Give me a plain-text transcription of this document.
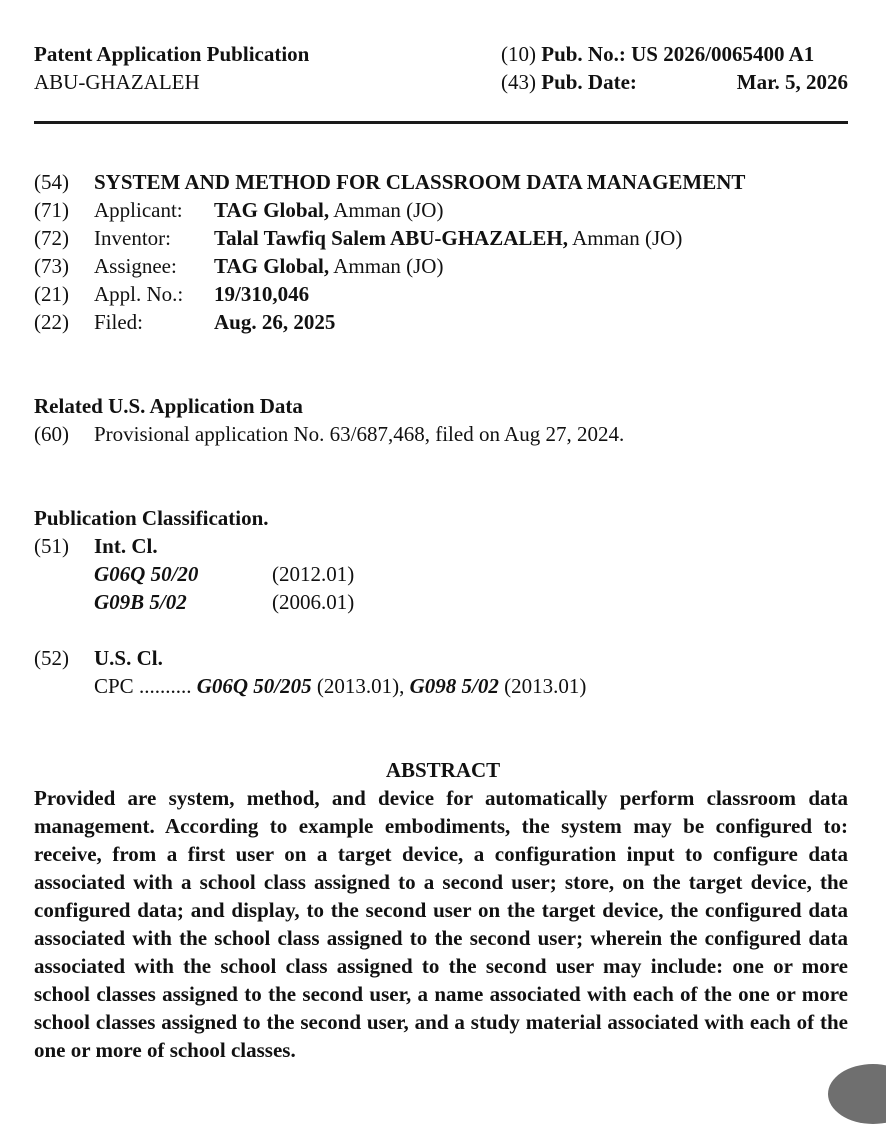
Patent Application Publication
ABU-GHAZALEH
(10) Pub. No.: US 2026/0065400 A1
(43) Pub. Date:	Mar. 5, 2026
(54)	SYSTEM AND METHOD FOR CLASSROOM DATA MANAGEMENT
(71)	Applicant:	TAG Global, Amman (JO)
(72)	Inventor:	Talal Tawfiq Salem ABU-GHAZALEH, Amman (JO)
(73)	Assignee:	TAG Global, Amman (JO)
(21)	Appl. No.:	19/310,046
(22)	Filed:	Aug. 26, 2025
Related U.S. Application Data
(60)	Provisional application No. 63/687,468, filed on Aug 27, 2024.
Publication Classification.
(51)	Int. Cl.
G06Q 50/20	(2012.01)
G09B 5/02	(2006.01)
(52)	U.S. Cl.
CPC .......... G06Q 50/205 (2013.01), G098 5/02 (2013.01)
ABSTRACT
Provided are system, method, and device for automatically perform classroom data management. According to example embodiments, the system may be configured to: receive, from a first user on a target device, a configuration input to configure data associated with a school class assigned to a second user; store, on the target device, the configured data; and display, to the second user on the target device, the configured data associated with the school class assigned to the second user; wherein the configured data associated with the school class assigned to the second user may include: one or more school classes assigned to the second user, a name associated with each of the one or more school classes assigned to the second user, and a study material associated with each of the one or more of school classes.
